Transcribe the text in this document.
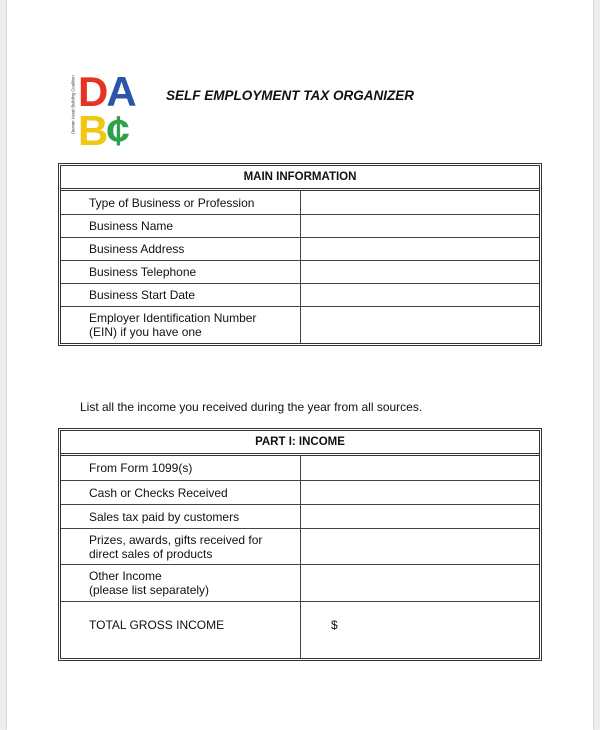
Denver Asset Building Coalition DA
B¢
SELF EMPLOYMENT TAX ORGANIZER
MAIN INFORMATION	
Type of Business or Profession	
Business Name	
Business Address	
Business Telephone	
Business Start Date	

Employer Identification Number
(EIN) if you have one	

List all the income you received during the year from all sources.

PART I: INCOME	
From Form 1099(s)	
Cash or Checks Received	
Sales tax paid by customers	

Prizes, awards, gifts received for
direct sales of products	

Other Income
(please list separately)	

TOTAL GROSS INCOME	$
